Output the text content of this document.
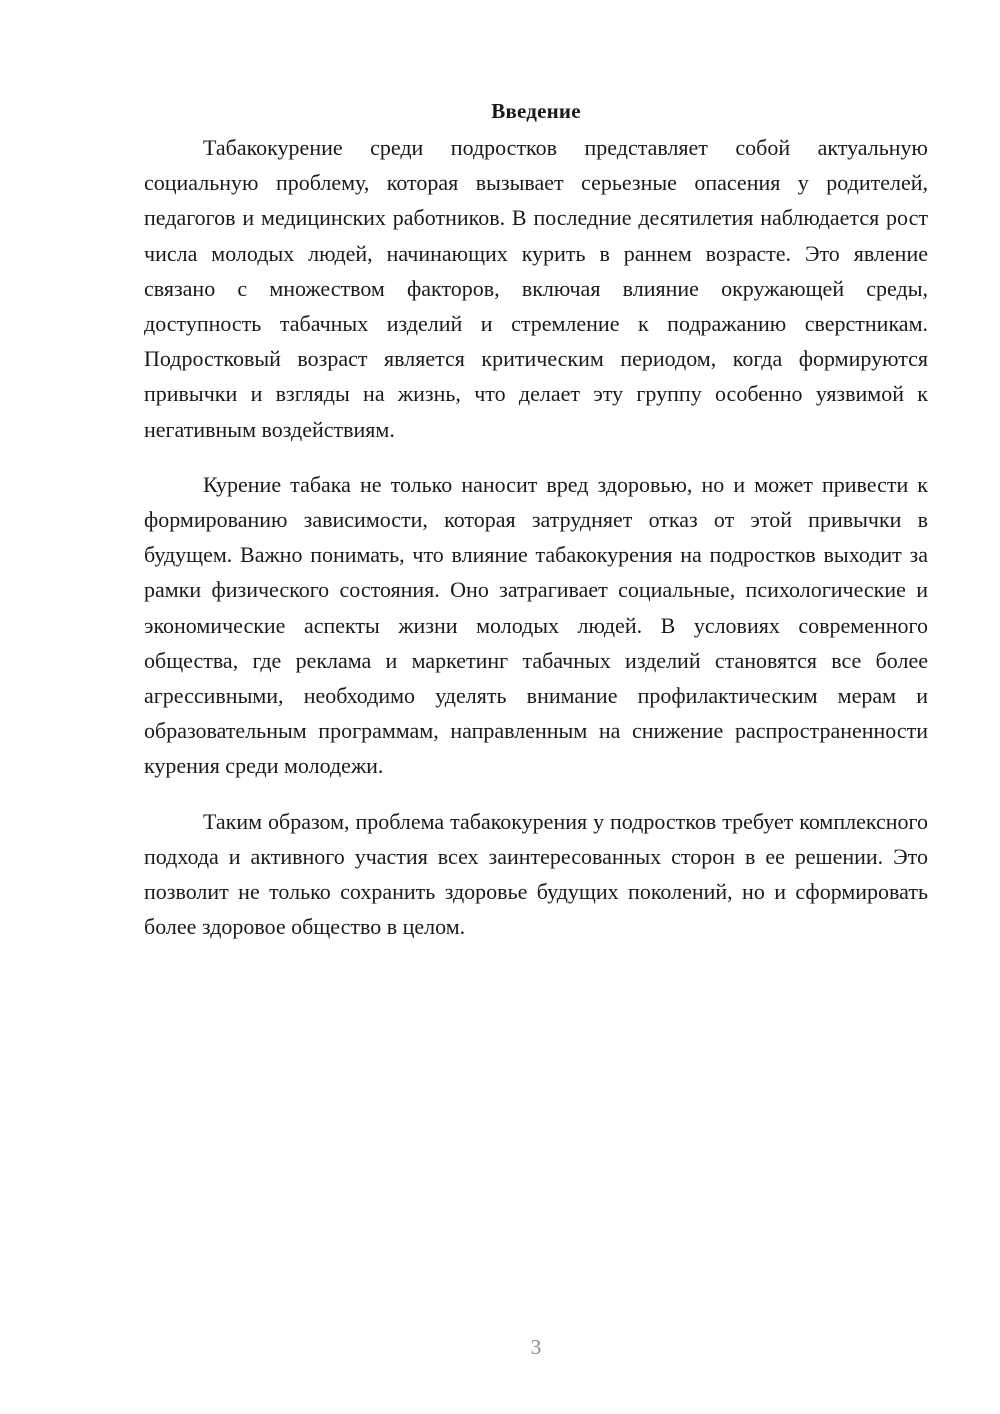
Введение

Табакокурение среди подростков представляет собой актуальную социальную проблему, которая вызывает серьезные опасения у родителей, педагогов и медицинских работников. В последние десятилетия наблюдается рост числа молодых людей, начинающих курить в раннем возрасте. Это явление связано с множеством факторов, включая влияние окружающей среды, доступность табачных изделий и стремление к подражанию сверстникам. Подростковый возраст является критическим периодом, когда формируются привычки и взгляды на жизнь, что делает эту группу особенно уязвимой к негативным воздействиям.

Курение табака не только наносит вред здоровью, но и может привести к формированию зависимости, которая затрудняет отказ от этой привычки в будущем. Важно понимать, что влияние табакокурения на подростков выходит за рамки физического состояния. Оно затрагивает социальные, психологические и экономические аспекты жизни молодых людей. В условиях современного общества, где реклама и маркетинг табачных изделий становятся все более агрессивными, необходимо уделять внимание профилактическим мерам и образовательным программам, направленным на снижение распространенности курения среди молодежи.

Таким образом, проблема табакокурения у подростков требует комплексного подхода и активного участия всех заинтересованных сторон в ее решении. Это позволит не только сохранить здоровье будущих поколений, но и сформировать более здоровое общество в целом.

3
